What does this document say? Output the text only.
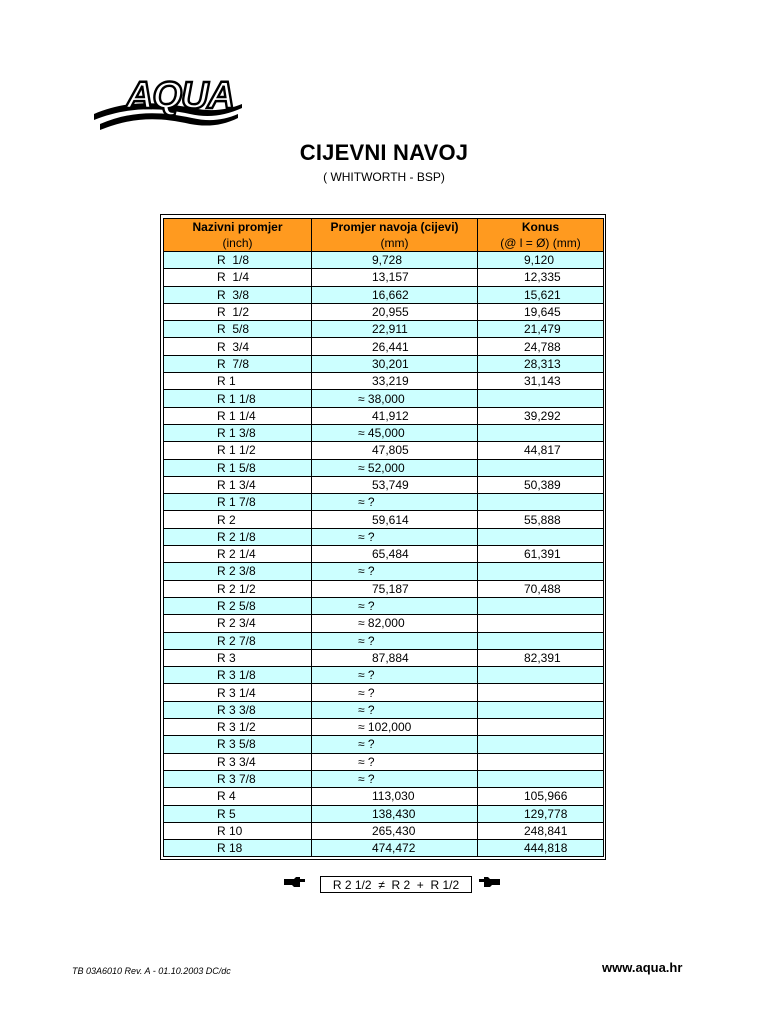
AQUA
CIJEVNI NAVOJ
( WHITWORTH - BSP)
Nazivni promjer	Promjer navoja (cijevi)	Konus
(inch)	(mm)	(@ l = Ø) (mm)
R  1/8	9,728	9,120
R  1/4	13,157	12,335
R  3/8	16,662	15,621
R  1/2	20,955	19,645
R  5/8	22,911	21,479
R  3/4	26,441	24,788
R  7/8	30,201	28,313
R 1	33,219	31,143
R 1 1/8	≈ 38,000	
R 1 1/4	41,912	39,292
R 1 3/8	≈ 45,000	
R 1 1/2	47,805	44,817
R 1 5/8	≈ 52,000	
R 1 3/4	53,749	50,389
R 1 7/8	≈ ?	
R 2	59,614	55,888
R 2 1/8	≈ ?	
R 2 1/4	65,484	61,391
R 2 3/8	≈ ?	
R 2 1/2	75,187	70,488
R 2 5/8	≈ ?	
R 2 3/4	≈ 82,000	
R 2 7/8	≈ ?	
R 3	87,884	82,391
R 3 1/8	≈ ?	
R 3 1/4	≈ ?	
R 3 3/8	≈ ?	
R 3 1/2	≈ 102,000	
R 3 5/8	≈ ?	
R 3 3/4	≈ ?	
R 3 7/8	≈ ?	
R 4	113,030	105,966
R 5	138,430	129,778
R 10	265,430	248,841
R 18	474,472	444,818
R 2 1/2  ≠  R 2  +  R 1/2
TB 03A6010 Rev. A - 01.10.2003 DC/dc	www.aqua.hr
